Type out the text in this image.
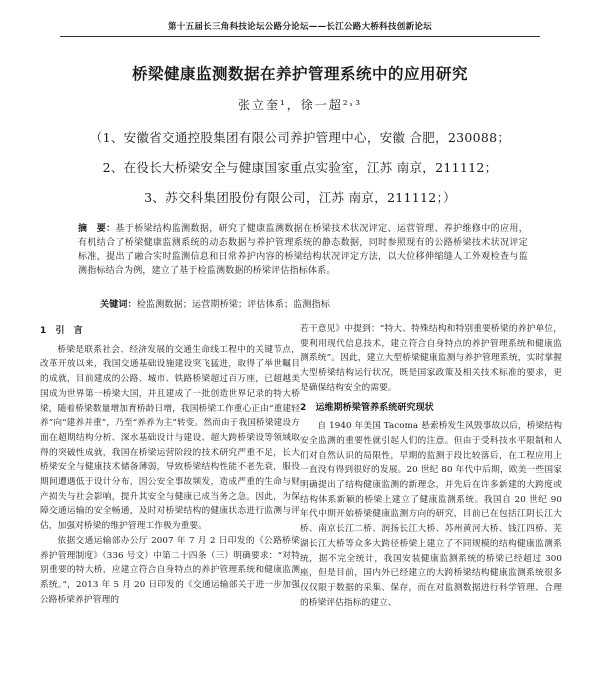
第十五届长三角科技论坛公路分论坛——长江公路大桥科技创新论坛
桥梁健康监测数据在养护管理系统中的应用研究
张立奎¹，徐一超²˒³
（1、安徽省交通控股集团有限公司养护管理中心，安徽 合肥，230088；
2、在役长大桥梁安全与健康国家重点实验室，江苏 南京，211112；
3、苏交科集团股份有限公司，江苏 南京，211112；）
摘　要：基于桥梁结构监测数据，研究了健康监测数据在桥梁技术状况评定、运营管理、养护维修中的应用，有机结合了桥梁健康监测系统的动态数据与养护管理系统的静态数据，同时参照现有的公路桥梁技术状况评定标准，提出了融合实时监测信息和日常养护内容的桥梁结构状况评定方法，以大位移伸缩缝人工外观检查与监测指标结合为例，建立了基于检监测数据的桥梁评估指标体系。
关键词：检监测数据；运营期桥梁；评估体系；监测指标
1　引　言

桥梁是联系社会、经济发展的交通生命线工程中的关键节点，改革开放以来，我国交通基础设施建设突飞猛进，取得了举世瞩目的成就，目前建成的公路、城市、铁路桥梁超过百万座，已超越美国成为世界第一桥梁大国，并且建成了一批创造世界记录的特大桥梁，随着桥梁数量增加育桥龄日增，我国桥梁工作重心正由“重建轻养”向“建养并重”，乃至“养养为主”转变。然而由于我国桥梁建设方面在超期结构分析、深水基础设计与建设、超大跨桥梁设等领域取得的突破性成就，我国在桥梁运营阶段的技术研究严重不足，长大桥梁安全与健康技术储备薄弱，导致桥梁结构性能不老先衰，服役期间遭遇低于设计分布，因公安全事故频发，造成严重的生命与财产损失与社会影响，提升其安全与健康已成当务之急。因此，为保障交通运输的安全畅通，及时对桥梁结构的健康状态进行监测与评估，加强对桥梁的维护管理工作极为重要。

依据交通运输部办公厅 2007 年 7 月 2 日印发的《公路桥梁养护管理制度》（336 号文）中第二十四条（三）明确要求：“对特别重要的特大桥，应建立符合自身特点的养护管理系统和健康监测系统。”，2013 年 5 月 20 日印发的《交通运输部关于进一步加强公路桥梁养护管理的

若干意见》中提到：“特大、特殊结构和特别重要桥梁的养护单位，要利用现代信息技术，建立符合自身特点的养护管理系统和健康监测系统”。因此，建立大型桥梁健康监测与养护管理系统，实时掌握大型桥梁结构运行状况，既是国家政策及相关技术标准的要求，更是确保结构安全的需要。

2　运维期桥梁管养系统研究现状

自 1940 年美国 Tacoma 悬索桥发生风毁事故以后，桥梁结构安全监测的重要性就引起人们的注意。但由于受科技水平限制和人们对自然认识的局限性，早期的监测于段比较落后，在工程应用上一直没有得到很好的发展。20 世纪 80 年代中后期，欧美一些国家明确提出了结构健康监测的新理念，并先后在许多新建的大跨度或结构体系新颖的桥梁上建立了健康监测系统。我国自 20 世纪 90 年代中期开始桥梁健康监测方向的研究，目前已在包括江阴长江大桥、南京长江二桥、润扬长江大桥、苏州黄河大桥、钱江四桥、芜湖长江大桥等众多大跨径桥梁上建立了不同规模的结构健康监测系统，据不完全统计，我国安装健康监测系统的桥梁已经超过 300 座，但是目前，国内外已经建立的大跨桥梁结构健康监测系统很多仅仅限于数据的采集、保存，而在对监测数据进行科学管理、合理的桥梁评估指标的建立、
